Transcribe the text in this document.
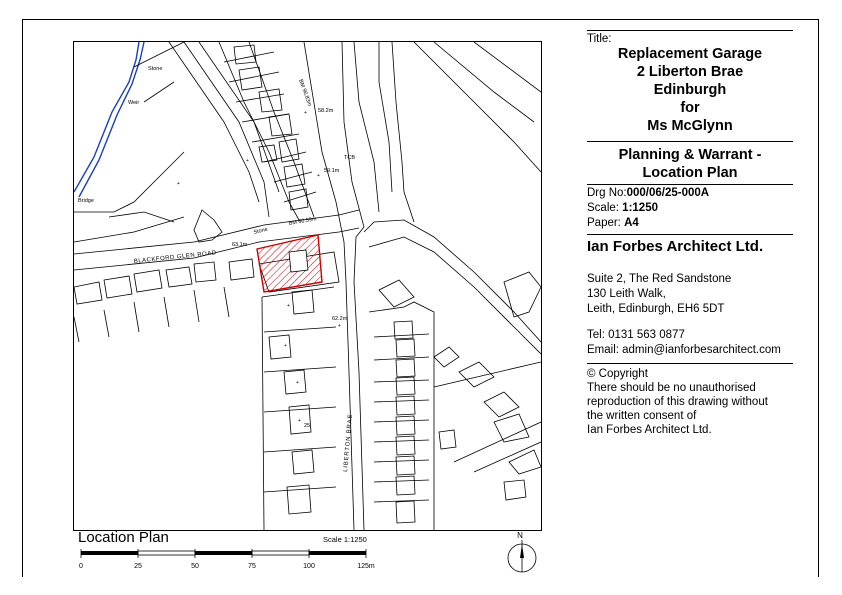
+
+
+
+
+
+
+
+
+
Stone
Weir
Bridge
58.2m
TCB
59.1m
63.1m
62.2m
25
BM 96.83m
BM 60.59m
Stone
BLACKFORD GLEN ROAD
LIBERTON BRAE
Title:
Replacement Garage
2 Liberton Brae
Edinburgh
for
Ms McGlynn
Planning & Warrant -
Location Plan
Drg No:000/06/25-000A
Scale: 1:1250
Paper: A4
Ian Forbes Architect Ltd.
Suite 2, The Red Sandstone
130 Leith Walk,
Leith, Edinburgh, EH6 5DT
Tel: 0131 563 0877
Email: admin@ianforbesarchitect.com
© Copyright
There should be no unauthorised
reproduction of this drawing without
the written consent of
Ian Forbes Architect Ltd.
Location Plan	Scale 1:1250
0	25	50	75	100	125m
N
